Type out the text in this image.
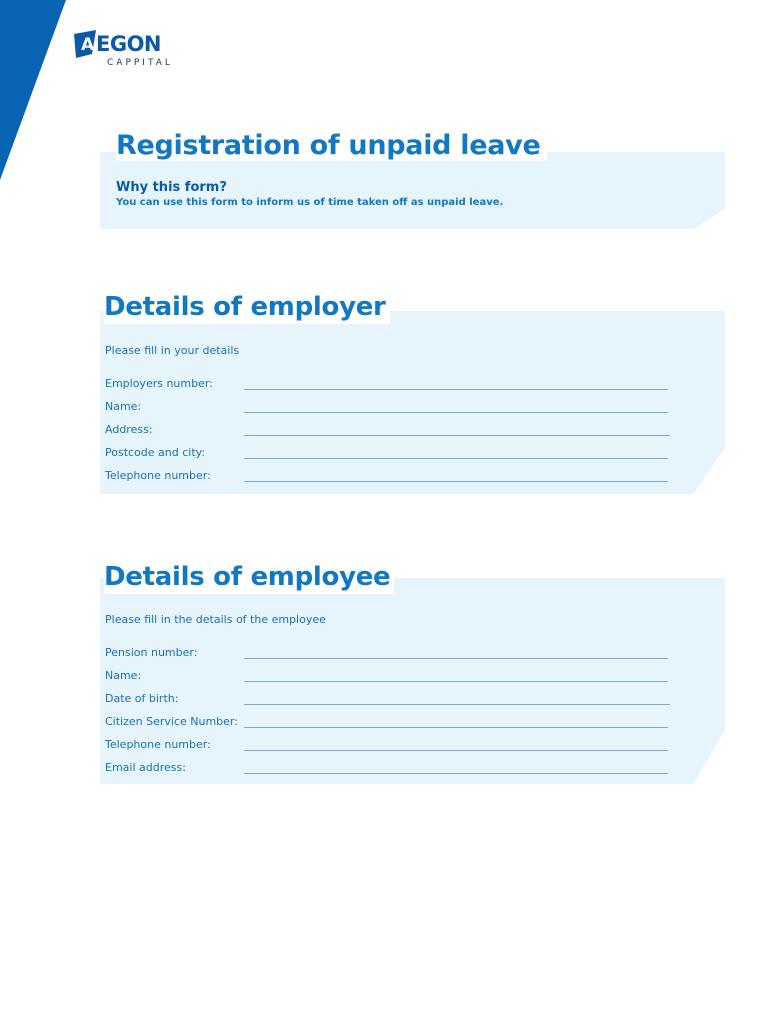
A EGON
CAPPITAL
Registration of unpaid leave
Why this form?
You can use this form to inform us of time taken off as unpaid leave.
Details of employer
Please fill in your details
Employers number:
Name:
Address:
Postcode and city:
Telephone number:
Details of employee
Please fill in the details of the employee
Pension number:
Name:
Date of birth:
Citizen Service Number:
Telephone number:
Email address:
